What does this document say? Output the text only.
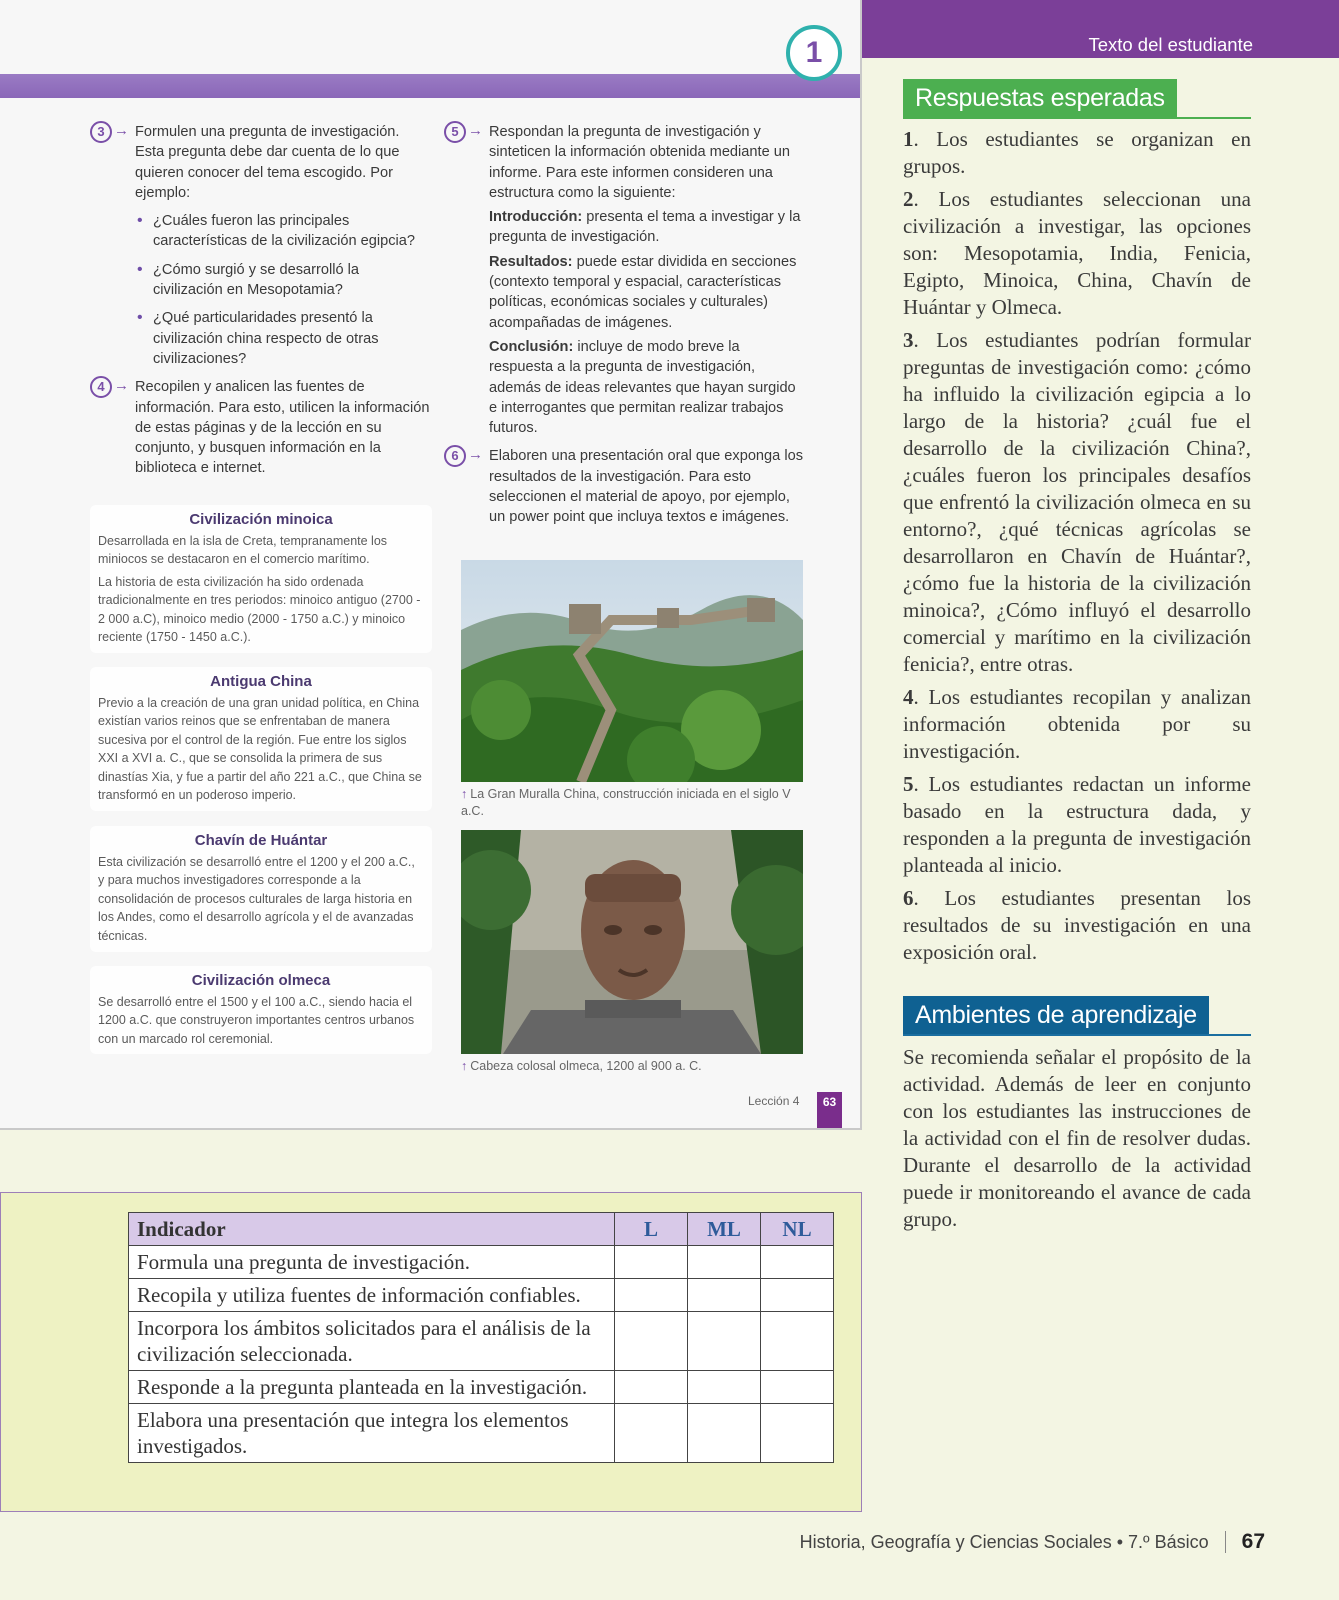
1
3 → Formulen una pregunta de investigación. Esta pregunta debe dar cuenta de lo que quieren conocer del tema escogido. Por ejemplo:
• ¿Cuáles fueron las principales características de la civilización egipcia?
• ¿Cómo surgió y se desarrolló la civilización en Mesopotamia?
• ¿Qué particularidades presentó la civilización china respecto de otras civilizaciones?
4 → Recopilen y analicen las fuentes de información. Para esto, utilicen la información de estas páginas y de la lección en su conjunto, y busquen información en la biblioteca e internet.
5 → Respondan la pregunta de investigación y sinteticen la información obtenida mediante un informe. Para este informen consideren una estructura como la siguiente:

Introducción: presenta el tema a investigar y la pregunta de investigación.

Resultados: puede estar dividida en secciones (contexto temporal y espacial, características políticas, económicas sociales y culturales) acompañadas de imágenes.

Conclusión: incluye de modo breve la respuesta a la pregunta de investigación, además de ideas relevantes que hayan surgido e interrogantes que permitan realizar trabajos futuros.

6 → Elaboren una presentación oral que exponga los resultados de la investigación. Para esto seleccionen el material de apoyo, por ejemplo, un power point que incluya textos e imágenes.
Civilización minoica

Desarrollada en la isla de Creta, tempranamente los miniocos se destacaron en el comercio marítimo.

La historia de esta civilización ha sido ordenada tradicionalmente en tres periodos: minoico antiguo (2700 - 2 000 a.C), minoico medio (2000 - 1750 a.C.) y minoico reciente (1750 - 1450 a.C.).

Antigua China

Previo a la creación de una gran unidad política, en China existían varios reinos que se enfrentaban de manera sucesiva por el control de la región. Fue entre los siglos XXI a XVI a. C., que se consolida la primera de sus dinastías Xia, y fue a partir del año 221 a.C., que China se transformó en un poderoso imperio.

Chavín de Huántar

Esta civilización se desarrolló entre el 1200 y el 200 a.C., y para muchos investigadores corresponde a la consolidación de procesos culturales de larga historia en los Andes, como el desarrollo agrícola y el de avanzadas técnicas.

Civilización olmeca

Se desarrolló entre el 1500 y el 100 a.C., siendo hacia el 1200 a.C. que construyeron importantes centros urbanos con un marcado rol ceremonial.

↑ La Gran Muralla China, construcción iniciada en el siglo V a.C.
↑ Cabeza colosal olmeca, 1200 al 900 a. C.
Lección 4	63
Texto del estudiante
Respuestas esperadas

1. Los estudiantes se organizan en grupos.

2. Los estudiantes seleccionan una civilización a investigar, las opciones son: Mesopotamia, India, Fenicia, Egipto, Minoica, China, Chavín de Huántar y Olmeca.

3. Los estudiantes podrían formular preguntas de investigación como: ¿cómo ha influido la civilización egipcia a lo largo de la historia? ¿cuál fue el desarrollo de la civilización China?, ¿cuáles fueron los principales desafíos que enfrentó la civilización olmeca en su entorno?, ¿qué técnicas agrícolas se desarrollaron en Chavín de Huántar?, ¿cómo fue la historia de la civilización minoica?, ¿Cómo influyó el desarrollo comercial y marítimo en la civilización fenicia?, entre otras.

4. Los estudiantes recopilan y analizan información obtenida por su investigación.

5. Los estudiantes redactan un informe basado en la estructura dada, y responden a la pregunta de investigación planteada al inicio.

6. Los estudiantes presentan los resultados de su investigación en una exposición oral.

Ambientes de aprendizaje

Se recomienda señalar el propósito de la actividad. Además de leer en conjunto con los estudiantes las instrucciones de la actividad con el fin de resolver dudas. Durante el desarrollo de la actividad puede ir monitoreando el avance de cada grupo.

Indicador	L	ML	NL
Formula una pregunta de investigación.			
Recopila y utiliza fuentes de información confiables.			
Incorpora los ámbitos solicitados para el análisis de la civilización seleccionada.			
Responde a la pregunta planteada en la investigación.			
Elabora una presentación que integra los elementos investigados.			
Historia, Geografía y Ciencias Sociales • 7.º Básico 67
